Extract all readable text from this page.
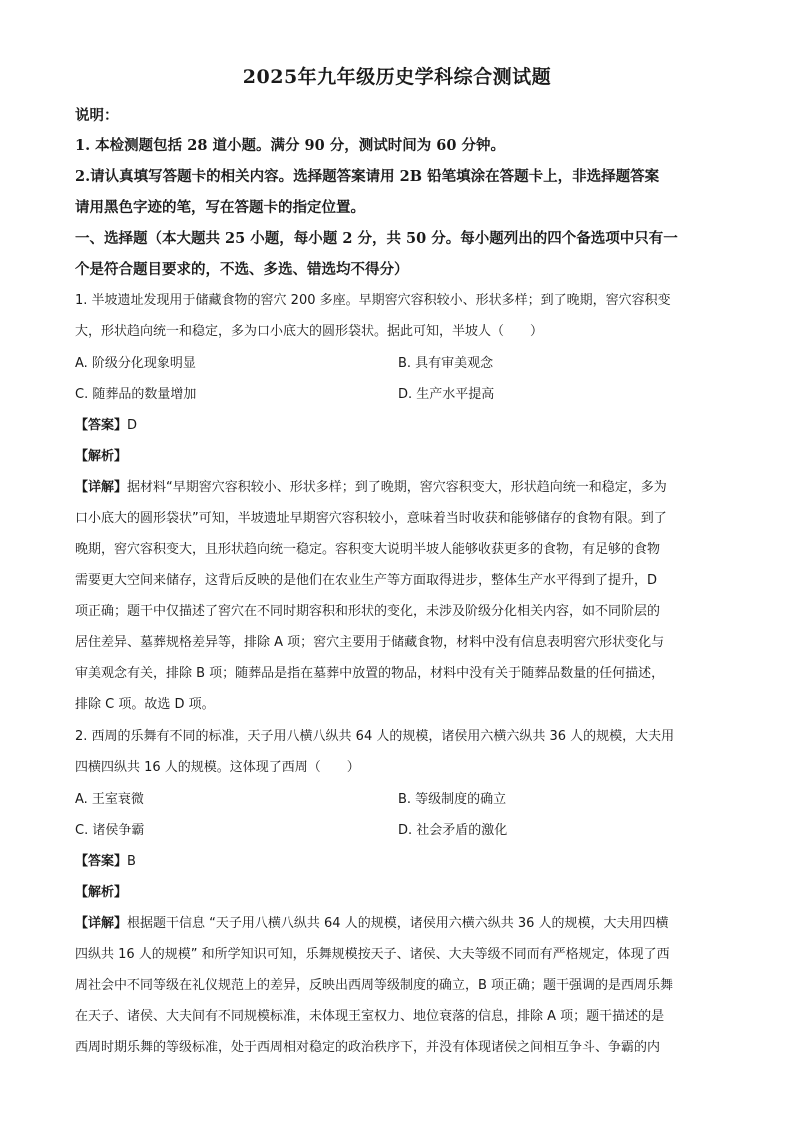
2025年九年级历史学科综合测试题
说明：
1. 本检测题包括 28 道小题。满分 90 分，测试时间为 60 分钟。
2.请认真填写答题卡的相关内容。选择题答案请用 2B 铅笔填涂在答题卡上，非选择题答案
请用黑色字迹的笔，写在答题卡的指定位置。
一、选择题（本大题共 25 小题，每小题 2 分，共 50 分。每小题列出的四个备选项中只有一
个是符合题目要求的，不选、多选、错选均不得分）
1. 半坡遗址发现用于储藏食物的窖穴 200 多座。早期窖穴容积较小、形状多样；到了晚期，窖穴容积变
大，形状趋向统一和稳定，多为口小底大的圆形袋状。据此可知，半坡人（　　）
A. 阶级分化现象明显	B. 具有审美观念
C. 随葬品的数量增加	D. 生产水平提高
【答案】D
【解析】
【详解】据材料“早期窖穴容积较小、形状多样；到了晚期，窖穴容积变大，形状趋向统一和稳定，多为
口小底大的圆形袋状”可知，半坡遗址早期窖穴容积较小，意味着当时收获和能够储存的食物有限。到了
晚期，窖穴容积变大，且形状趋向统一稳定。容积变大说明半坡人能够收获更多的食物，有足够的食物
需要更大空间来储存，这背后反映的是他们在农业生产等方面取得进步，整体生产水平得到了提升，D
项正确；题干中仅描述了窖穴在不同时期容积和形状的变化，未涉及阶级分化相关内容，如不同阶层的
居住差异、墓葬规格差异等，排除 A 项；窖穴主要用于储藏食物，材料中没有信息表明窖穴形状变化与
审美观念有关，排除 B 项；随葬品是指在墓葬中放置的物品，材料中没有关于随葬品数量的任何描述，
排除 C 项。故选 D 项。
2. 西周的乐舞有不同的标准，天子用八横八纵共 64 人的规模，诸侯用六横六纵共 36 人的规模，大夫用
四横四纵共 16 人的规模。这体现了西周（　　）
A. 王室衰微	B. 等级制度的确立
C. 诸侯争霸	D. 社会矛盾的激化
【答案】B
【解析】
【详解】根据题干信息 “天子用八横八纵共 64 人的规模，诸侯用六横六纵共 36 人的规模，大夫用四横
四纵共 16 人的规模” 和所学知识可知，乐舞规模按天子、诸侯、大夫等级不同而有严格规定，体现了西
周社会中不同等级在礼仪规范上的差异，反映出西周等级制度的确立，B 项正确；题干强调的是西周乐舞
在天子、诸侯、大夫间有不同规模标准，未体现王室权力、地位衰落的信息，排除 A 项；题干描述的是
西周时期乐舞的等级标准，处于西周相对稳定的政治秩序下，并没有体现诸侯之间相互争斗、争霸的内
